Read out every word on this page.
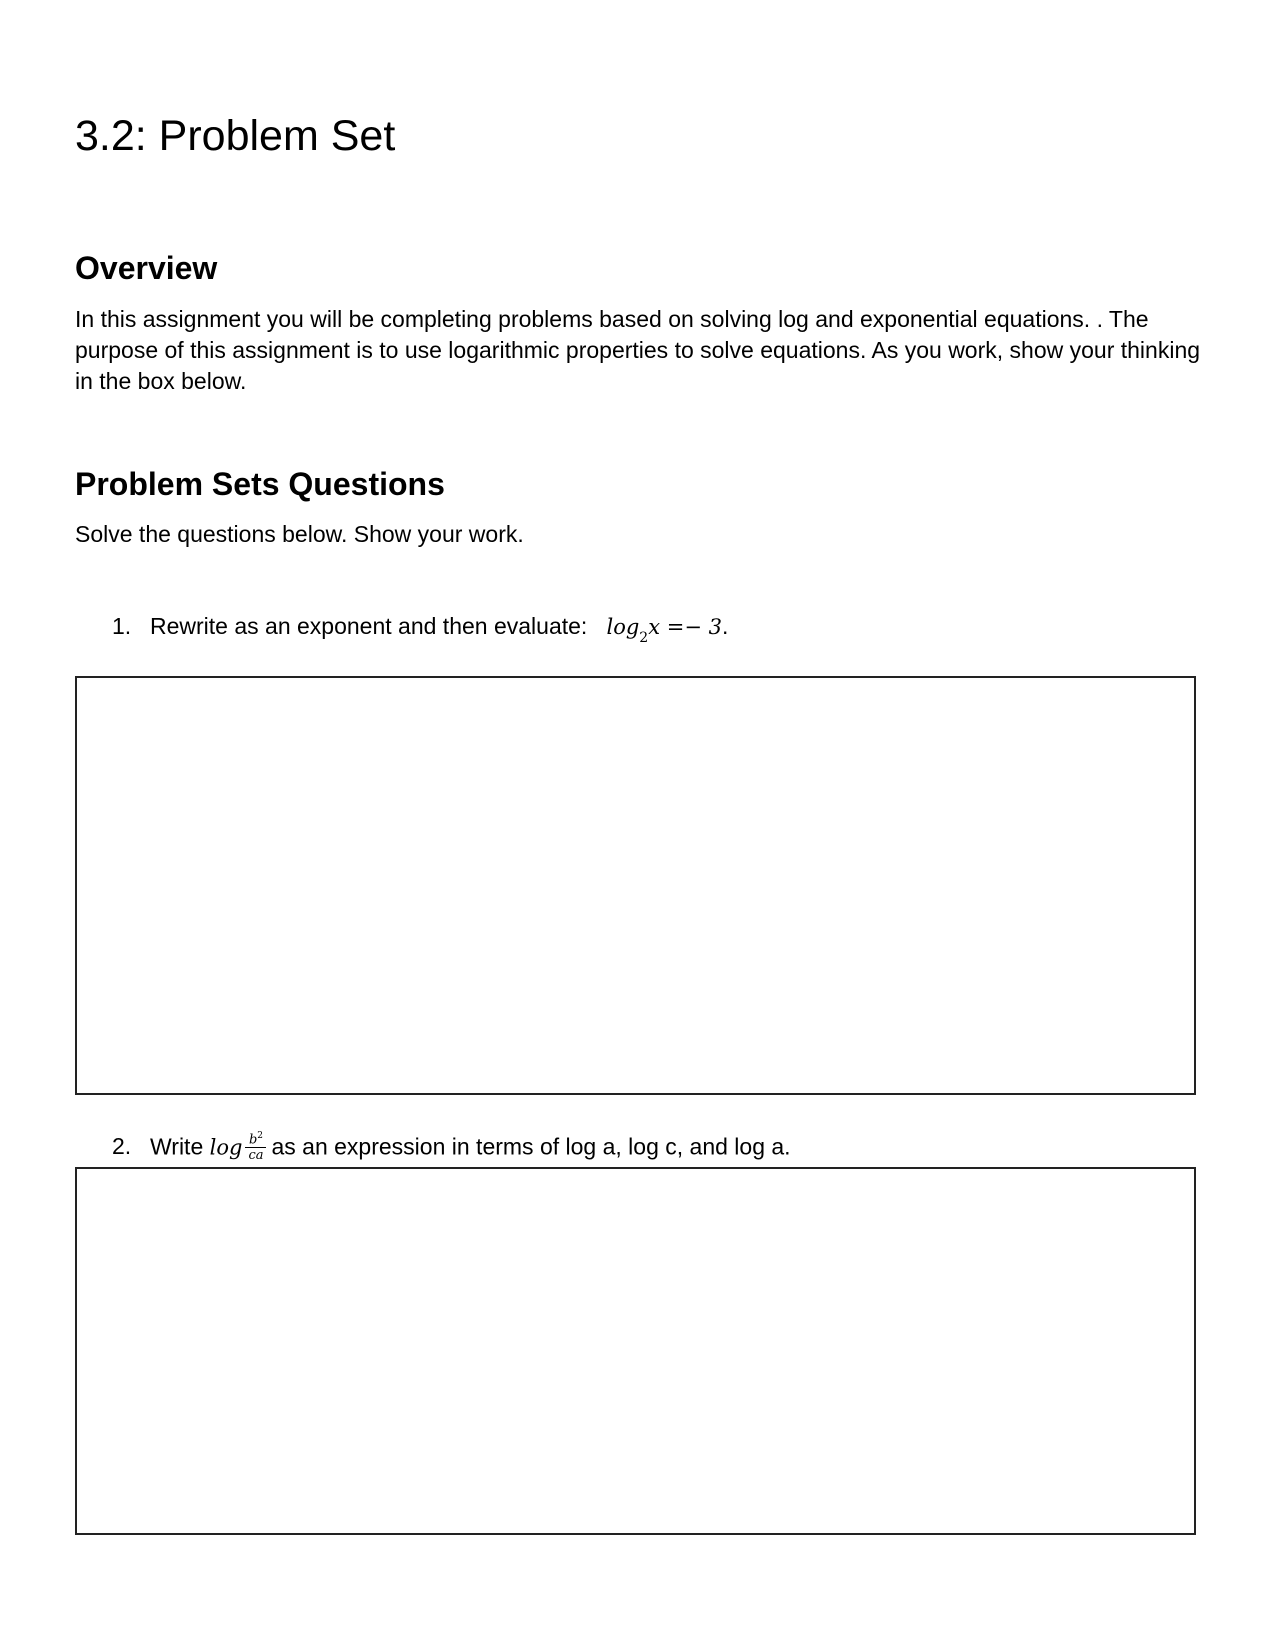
3.2: Problem Set
Overview

In this assignment you will be completing problems based on solving log and exponential equations. . The purpose of this assignment is to use logarithmic properties to solve equations. As you work, show your thinking in the box below.

Problem Sets Questions

Solve the questions below. Show your work.

1. Rewrite as an exponent and then evaluate: $\log_2x =- 3$.
2. Write $\log \frac{b^2}{ca}$ as an expression in terms of log a, log c, and log a.
